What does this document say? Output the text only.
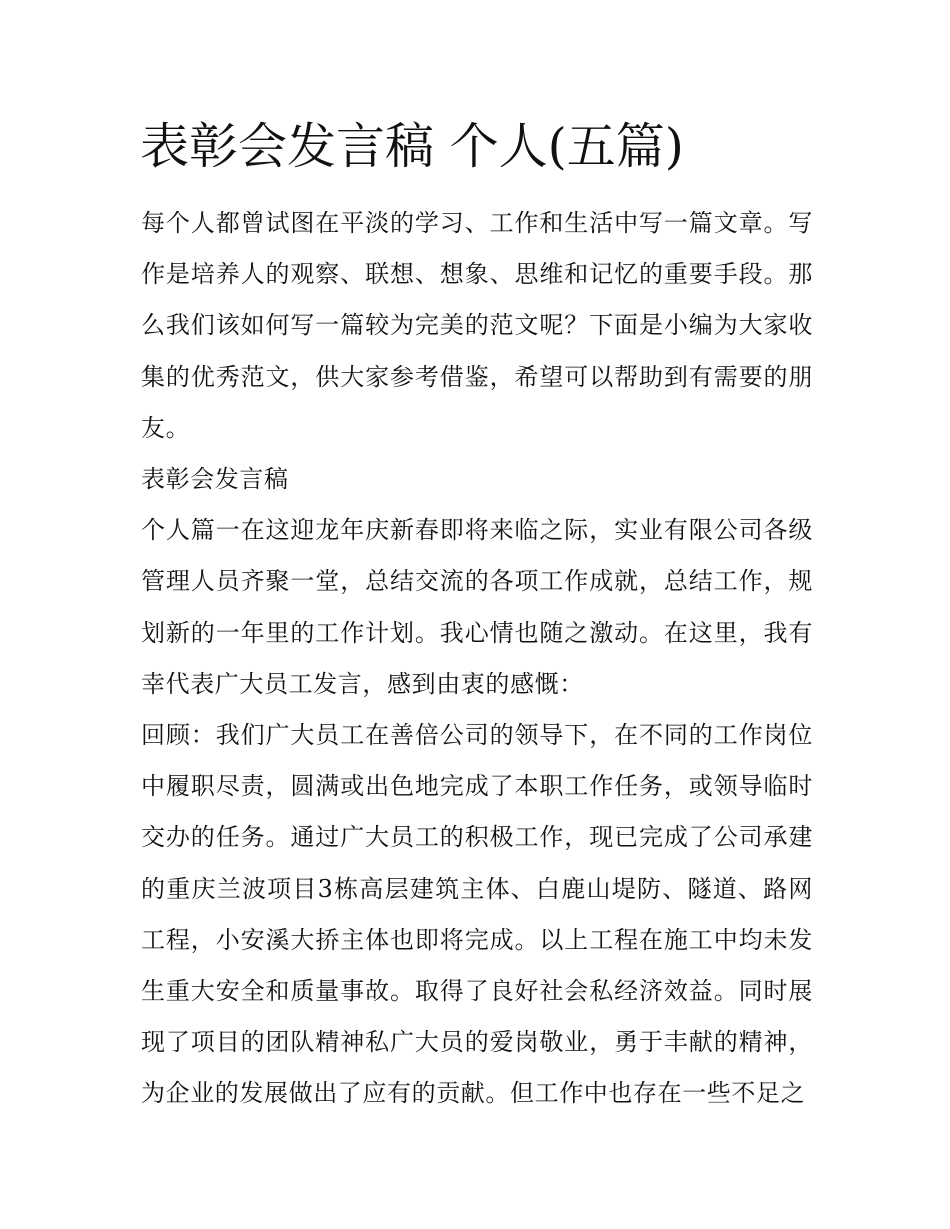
表彰会发言稿 个人(五篇)

每个人都曾试图在平淡的学习、工作和生活中写一篇文章。写作是培养人的观察、联想、想象、思维和记忆的重要手段。那么我们该如何写一篇较为完美的范文呢？下面是小编为大家收集的优秀范文，供大家参考借鉴，希望可以帮助到有需要的朋友。

表彰会发言稿

个人篇一在这迎龙年庆新春即将来临之际，实业有限公司各级管理人员齐聚一堂，总结交流的各项工作成就，总结工作，规划新的一年里的工作计划。我心情也随之激动。在这里，我有幸代表广大员工发言，感到由衷的感慨：

回顾：我们广大员工在善倍公司的领导下，在不同的工作岗位中履职尽责，圆满或出色地完成了本职工作任务，或领导临时交办的任务。通过广大员工的积极工作，现已完成了公司承建的重庆兰波项目3栋高层建筑主体、白鹿山堤防、隧道、路网工程，小安溪大挢主体也即将完成。以上工程在施工中均未发生重大安全和质量事故。取得了良好社会私经济效益。同时展现了项目的团队精神私广大员的爱岗敬业，勇于丰献的精神，为企业的发展做出了应有的贡献。但工作中也存在一些不足之
